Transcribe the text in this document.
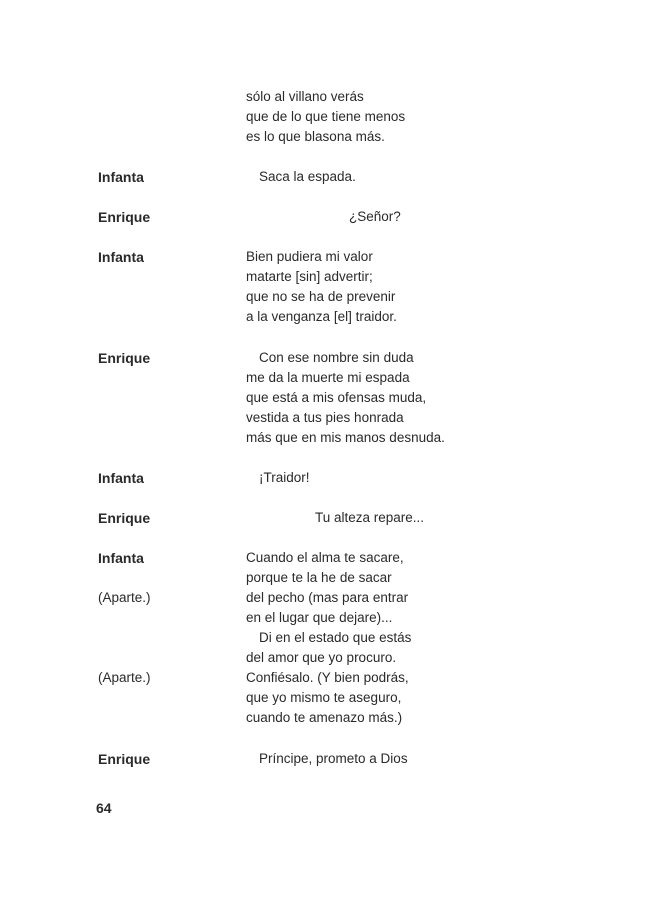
sólo al villano verás
que de lo que tiene menos
es lo que blasona más.
Infanta	Saca la espada.
Enrique	¿Señor?
Infanta	Bien pudiera mi valor
matarte [sin] advertir;
que no se ha de prevenir
a la venganza [el] traidor.
Enrique	Con ese nombre sin duda
me da la muerte mi espada
que está a mis ofensas muda,
vestida a tus pies honrada
más que en mis manos desnuda.
Infanta	¡Traidor!
Enrique	Tu alteza repare...
Infanta	Cuando el alma te sacare,
porque te la he de sacar
(Aparte.)	del pecho (mas para entrar
en el lugar que dejare)...
Di en el estado que estás
del amor que yo procuro.
(Aparte.)	Confiésalo. (Y bien podrás,
que yo mismo te aseguro,
cuando te amenazo más.)
Enrique	Príncipe, prometo a Dios
64
